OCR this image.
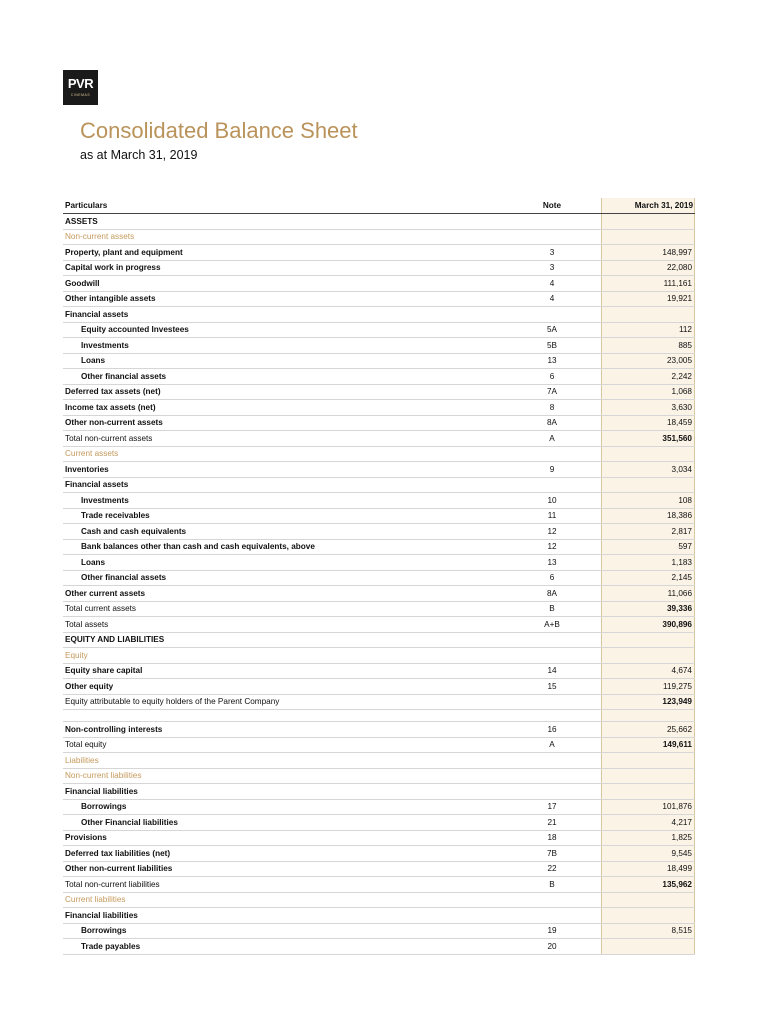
PVR
CINEMAS
Consolidated Balance Sheet

as at March 31, 2019

Particulars	Note	March 31, 2019
ASSETS		
Non-current assets		
Property, plant and equipment	3	148,997
Capital work in progress	3	22,080
Goodwill	4	111,161
Other intangible assets	4	19,921
Financial assets		
Equity accounted Investees	5A	112
Investments	5B	885
Loans	13	23,005
Other financial assets	6	2,242
Deferred tax assets (net)	7A	1,068
Income tax assets (net)	8	3,630
Other non-current assets	8A	18,459
Total non-current assets	A	351,560
Current assets		
Inventories	9	3,034
Financial assets		
Investments	10	108
Trade receivables	11	18,386
Cash and cash equivalents	12	2,817
Bank balances other than cash and cash equivalents, above	12	597
Loans	13	1,183
Other financial assets	6	2,145
Other current assets	8A	11,066
Total current assets	B	39,336
Total assets	A+B	390,896
EQUITY AND LIABILITIES		
Equity		
Equity share capital	14	4,674
Other equity	15	119,275
Equity attributable to equity holders of the Parent Company		123,949

Non-controlling interests	16	25,662
Total equity	A	149,611
Liabilities		
Non-current liabilities		
Financial liabilities		
Borrowings	17	101,876
Other Financial liabilities	21	4,217
Provisions	18	1,825
Deferred tax liabilities (net)	7B	9,545
Other non-current liabilities	22	18,499
Total non-current liabilities	B	135,962
Current liabilities		
Financial liabilities		
Borrowings	19	8,515
Trade payables	20	
